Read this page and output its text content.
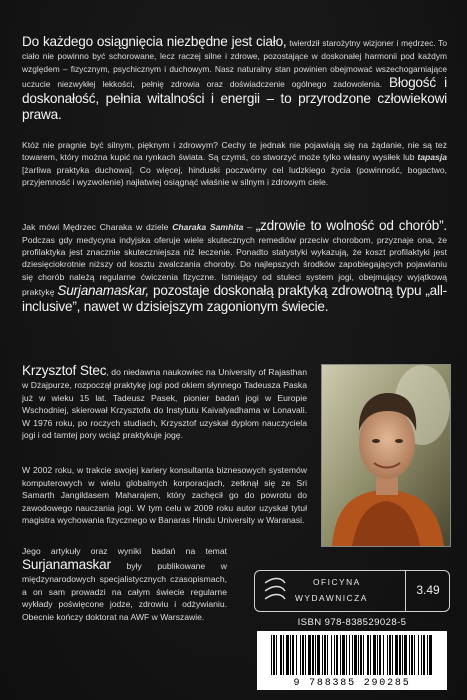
Do każdego osiągnięcia niezbędne jest ciało, twierdził starożytny wizjoner i mędrzec. To ciało nie powinno być schorowane, lecz raczej silne i zdrowe, pozostające w doskonałej harmonii pod każdym względem – fizycznym, psychicznym i duchowym. Nasz naturalny stan powinien obejmować wszechogarniające uczucie niezwykłej lekkości, pełnię zdrowia oraz doświadczenie ogólnego zadowolenia. Błogość i doskonałość, pełnia witalności i energii – to przyrodzone człowiekowi prawa.
Któż nie pragnie być silnym, pięknym i zdrowym? Cechy te jednak nie pojawiają się na żądanie, nie są też towarem, który można kupić na rynkach świata. Są czymś, co stworzyć może tylko własny wysiłek lub tapasja [żarliwa praktyka duchowa]. Co więcej, hinduski poczwórny cel ludzkiego życia (powinność, bogactwo, przyjemność i wyzwolenie) najłatwiej osiągnąć właśnie w silnym i zdrowym ciele.
Jak mówi Mędrzec Charaka w dziele Charaka Samhita – „zdrowie to wolność od chorób”. Podczas gdy medycyna indyjska oferuje wiele skutecznych remediów przeciw chorobom, przyznaje ona, że profilaktyka jest znacznie skuteczniejsza niż leczenie. Ponadto statystyki wykazują, że koszt profilaktyki jest dziesięciokrotnie niższy od kosztu zwalczania choroby. Do najlepszych środków zapobiegających pojawianiu się chorób należą regularne ćwiczenia fizyczne. Istniejący od stuleci system jogi, obejmujący wyjątkową praktykę Surjanamaskar, pozostaje doskonałą praktyką zdrowotną typu „all-inclusive”, nawet w dzisiejszym zagonionym świecie.
Krzysztof Stec, do niedawna naukowiec na University of Rajasthan w Dżajpurze, rozpoczął praktykę jogi pod okiem słynnego Tadeusza Paska już w wieku 15 lat. Tadeusz Pasek, pionier badań jogi w Europie Wschodniej, skierował Krzysztofa do Instytutu Kaivalyadhama w Lonavali. W 1976 roku, po roczych studiach, Krzysztof uzyskał dyplom nauczyciela jogi i od tamtej pory wciąż praktykuje jogę.
W 2002 roku, w trakcie swojej kariery konsultanta biznesowych systemów komputerowych w wielu globalnych korporacjach, zetknął się ze Sri Samarth Jangildasem Maharajem, który zachęcił go do powrotu do zawodowego nauczania jogi. W tym celu w 2009 roku autor uzyskał tytuł magistra wychowania fizycznego w Banaras Hindu University w Waranasi.
Jego artykuły oraz wyniki badań na temat Surjanamaskar były publikowane w międzynarodowych specjalistycznych czasopismach, a on sam prowadzi na całym świecie regularne wykłady poświęcone jodze, zdrowiu i odżywianiu. Obecnie kończy doktorat na AWF w Warszawie.
OFICYNA
WYDAWNICZA
3.49
ISBN 978-838529028-5
9 788385 290285
